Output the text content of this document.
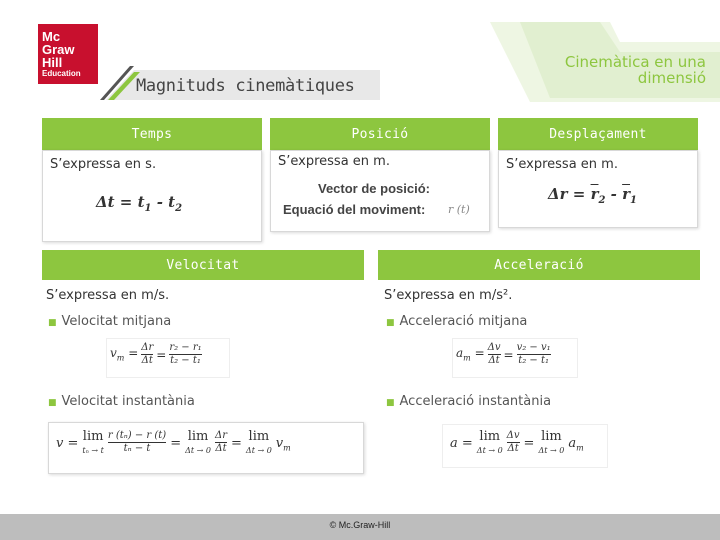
Mc
Graw
Hill
Education
Magnituds cinemàtiques
Cinemàtica en una
dimensió
Temps
S’expressa en s.
$\Delta t = t_1 - t_2$
Posició
S’expressa en m.
Vector de posició:
Equació del moviment: r (t)
Desplaçament
S’expressa en m.
$\Delta r = \overline{r}_2 - \overline{r}_1$
Velocitat
S’expressa en m/s.
■ Velocitat mitjana
$v_m = \frac{\Delta r}{\Delta t} = \frac{\text{r₂ − r₁}}{\text{t₂ − t₁}}$
■ Velocitat instantània
v = lim
tₙ → t $\frac{\text{r (tₙ) − r (t)}}{\text{tₙ − t}} = \lim$
$\Delta t \to 0 \frac{\Delta r}{\Delta t} = \lim$
Δt → 0 $v_m$
Acceleració
S’expressa en m/s².
■ Acceleració mitjana
$a_m = \frac{\Delta v}{\Delta t} = \frac{\text{v₂ − v₁}}{\text{t₂ − t₁}}$
■ Acceleració instantània
a = lim
$\Delta t \to 0 \frac{\Delta v}{\Delta t} = \lim$
Δt → 0 $a_m$
© Mc.Graw-Hill
